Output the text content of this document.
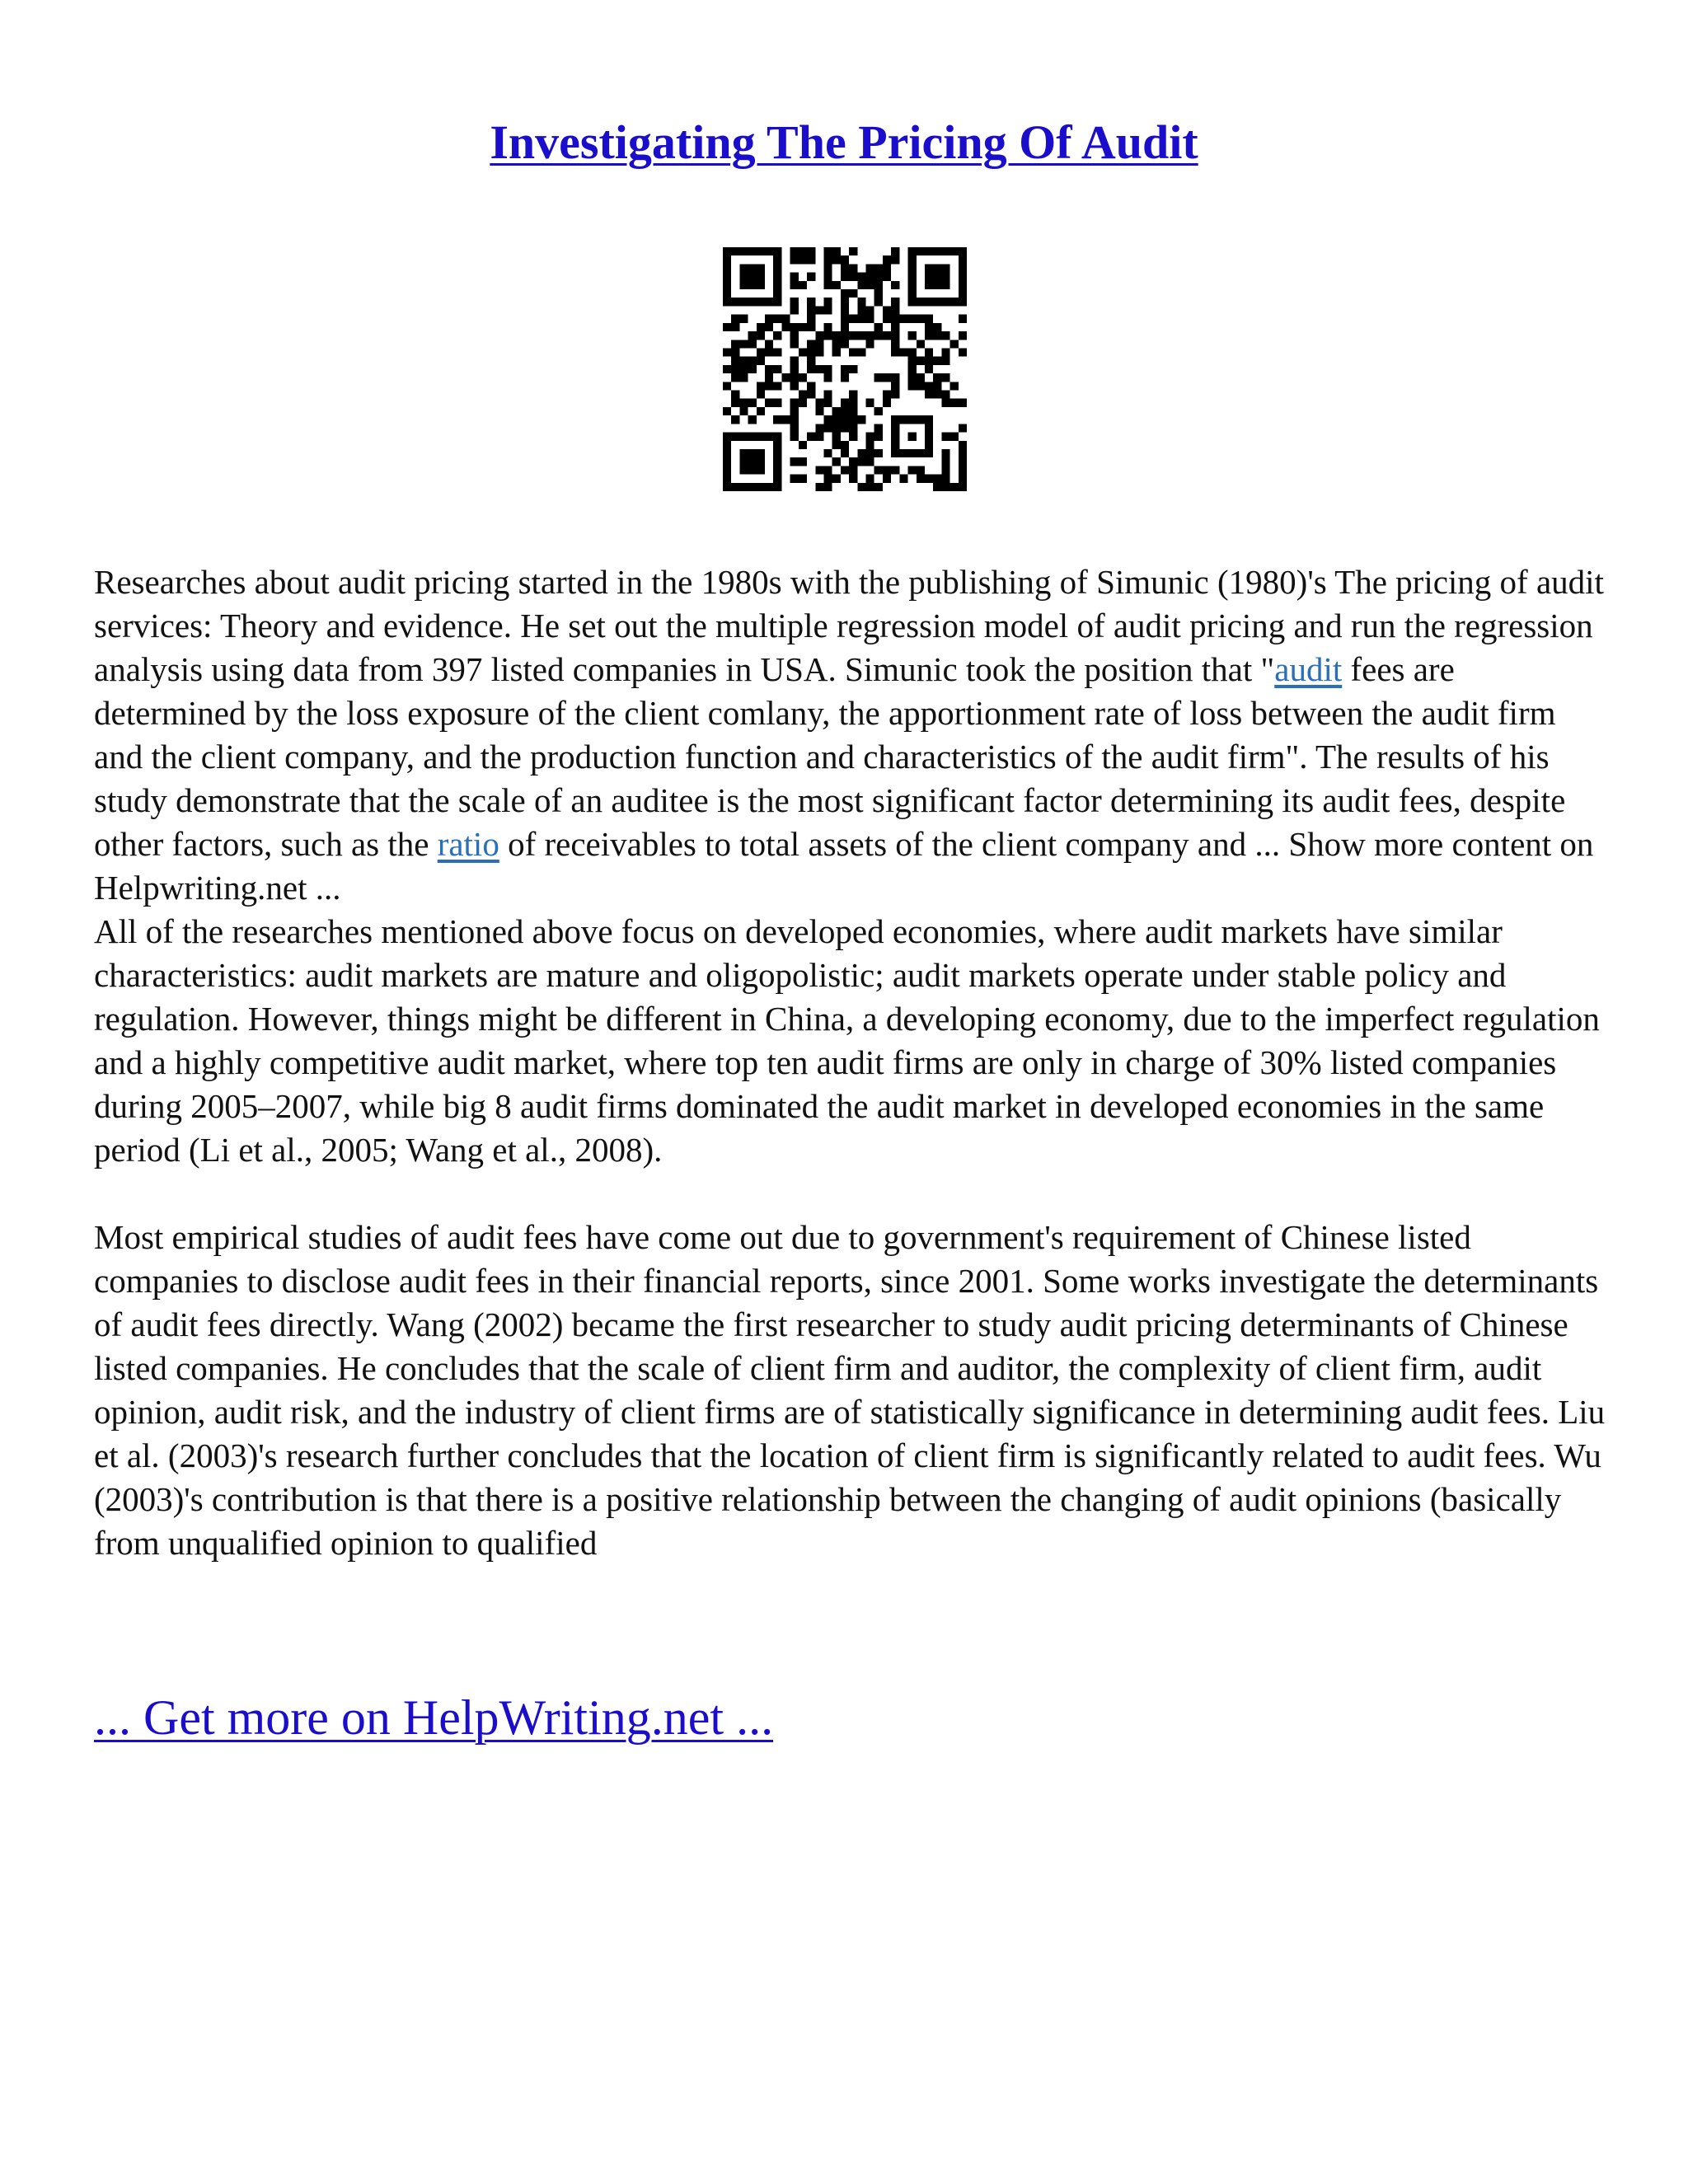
Investigating The Pricing Of Audit

Researches about audit pricing started in the 1980s with the publishing of Simunic (1980)'s The pricing of audit services: Theory and evidence. He set out the multiple regression model of audit pricing and run the regression analysis using data from 397 listed companies in USA. Simunic took the position that "audit fees are determined by the loss exposure of the client comlany, the apportionment rate of loss between the audit firm and the client company, and the production function and characteristics of the audit firm". The results of his study demonstrate that the scale of an auditee is the most significant factor determining its audit fees, despite other factors, such as the ratio of receivables to total assets of the client company and ... Show more content on Helpwriting.net ...

All of the researches mentioned above focus on developed economies, where audit markets have similar characteristics: audit markets are mature and oligopolistic; audit markets operate under stable policy and regulation. However, things might be different in China, a developing economy, due to the imperfect regulation and a highly competitive audit market, where top ten audit firms are only in charge of 30% listed companies during 2005–2007, while big 8 audit firms dominated the audit market in developed economies in the same period (Li et al., 2005; Wang et al., 2008).

Most empirical studies of audit fees have come out due to government's requirement of Chinese listed companies to disclose audit fees in their financial reports, since 2001. Some works investigate the determinants of audit fees directly. Wang (2002) became the first researcher to study audit pricing determinants of Chinese listed companies. He concludes that the scale of client firm and auditor, the complexity of client firm, audit opinion, audit risk, and the industry of client firms are of statistically significance in determining audit fees. Liu et al. (2003)'s research further concludes that the location of client firm is significantly related to audit fees. Wu (2003)'s contribution is that there is a positive relationship between the changing of audit opinions (basically from unqualified opinion to qualified

... Get more on HelpWriting.net ...
